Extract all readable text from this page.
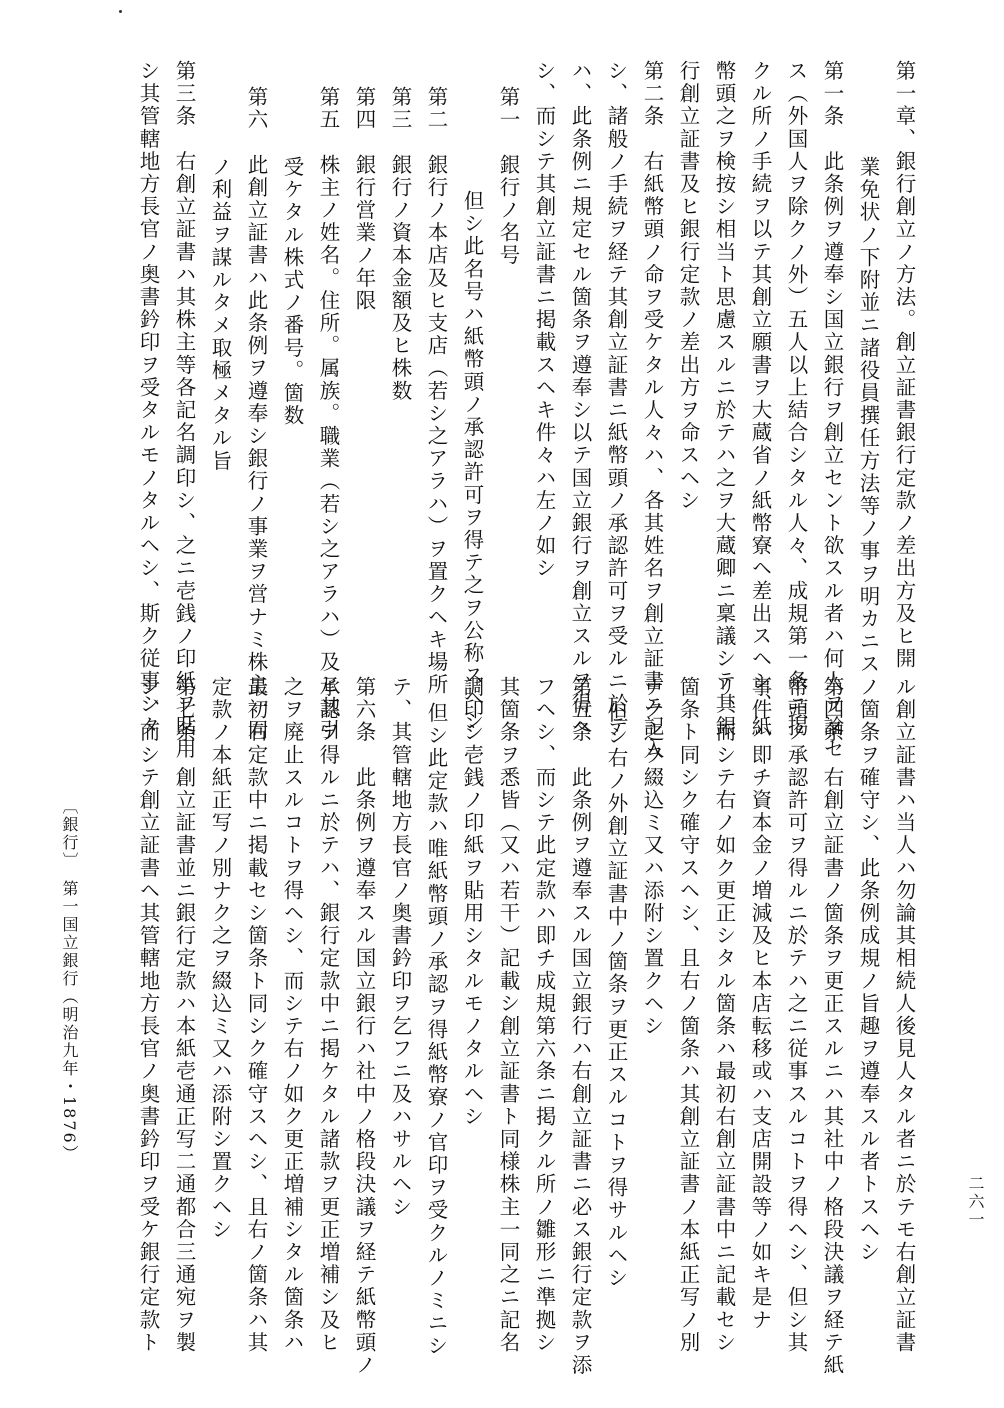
第一章、銀行創立ノ方法。創立証書銀行定款ノ差出方及ヒ開
業免状ノ下附並ニ諸役員撰任方法等ノ事ヲ明カニス
第一条　此条例ヲ遵奉シ国立銀行ヲ創立セント欲スル者ハ何人ヲ論セ
ス（外国人ヲ除クノ外）五人以上結合シタル人々、成規第一条ニ掲
クル所ノ手続ヲ以テ其創立願書ヲ大蔵省ノ紙幣寮ヘ差出スヘシ、紙
幣頭之ヲ検按シ相当ト思慮スルニ於テハ之ヲ大蔵卿ニ稟議シテ其銀
行創立証書及ヒ銀行定款ノ差出方ヲ命スヘシ
第二条　右紙幣頭ノ命ヲ受ケタル人々ハ、各其姓名ヲ創立証書ニ記入
シ、諸般ノ手続ヲ経テ其創立証書ニ紙幣頭ノ承認許可ヲ受ルニ於テ
ハ、此条例ニ規定セル箇条ヲ遵奉シ以テ国立銀行ヲ創立スルヲ得ヘ
シ、而シテ其創立証書ニ掲載スヘキ件々ハ左ノ如シ
第一　銀行ノ名号
但シ此名号ハ紙幣頭ノ承認許可ヲ得テ之ヲ公称スヘシ
第二　銀行ノ本店及ヒ支店（若シ之アラハ）ヲ置クヘキ場所
第三　銀行ノ資本金額及ヒ株数
第四　銀行営業ノ年限
第五　株主ノ姓名。住所。属族。職業（若シ之アラハ）及ヒ其引
受ケタル株式ノ番号。箇数
第六　此創立証書ハ此条例ヲ遵奉シ銀行ノ事業ヲ営ナミ株主一同
ノ利益ヲ謀ルタメ取極メタル旨
第三条　右創立証書ハ其株主等各記名調印シ、之ニ壱銭ノ印紙ヲ貼用
シ其管轄地方長官ノ奥書鈐印ヲ受タルモノタルヘシ、斯ク従事シタ
ル創立証書ハ当人ハ勿論其相続人後見人タル者ニ於テモ右創立証書
ノ箇条ヲ確守シ、此条例成規ノ旨趣ヲ遵奉スル者トスヘシ
第四条　右創立証書ノ箇条ヲ更正スルニハ其社中ノ格段決議ヲ経テ紙
幣頭ノ承認許可ヲ得ルニ於テハ之ニ従事スルコトヲ得ヘシ、但シ其
事件ハ即チ資本金ノ増減及ヒ本店転移或ハ支店開設等ノ如キ是ナ
リ、而シテ右ノ如ク更正シタル箇条ハ最初右創立証書中ニ記載セシ
箇条ト同シク確守スヘシ、且右ノ箇条ハ其創立証書ノ本紙正写ノ別
ナク之ヲ綴込ミ又ハ添附シ置クヘシ
但シ右ノ外創立証書中ノ箇条ヲ更正スルコトヲ得サルヘシ
第五条　此条例ヲ遵奉スル国立銀行ハ右創立証書ニ必ス銀行定款ヲ添
フヘシ、而シテ此定款ハ即チ成規第六条ニ掲クル所ノ雛形ニ準拠シ
其箇条ヲ悉皆（又ハ若干）記載シ創立証書ト同様株主一同之ニ記名
調印シ壱銭ノ印紙ヲ貼用シタルモノタルヘシ
但シ此定款ハ唯紙幣頭ノ承認ヲ得紙幣寮ノ官印ヲ受クルノミニシ
テ、其管轄地方長官ノ奥書鈐印ヲ乞フニ及ハサルヘシ
第六条　此条例ヲ遵奉スル国立銀行ハ社中ノ格段決議ヲ経テ紙幣頭ノ
承認ヲ得ルニ於テハ、銀行定款中ニ掲ケタル諸款ヲ更正増補シ及ヒ
之ヲ廃止スルコトヲ得ヘシ、而シテ右ノ如ク更正増補シタル箇条ハ
最初右定款中ニ掲載セシ箇条ト同シク確守スヘシ、且右ノ箇条ハ其
定款ノ本紙正写ノ別ナク之ヲ綴込ミ又ハ添附シ置クヘシ
第七条　創立証書並ニ銀行定款ハ本紙壱通正写二通都合三通宛ヲ製
シ、而シテ創立証書ヘ其管轄地方長官ノ奥書鈐印ヲ受ケ銀行定款ト
〔銀行〕　第一国立銀行（明治九年・1876）
二六一
